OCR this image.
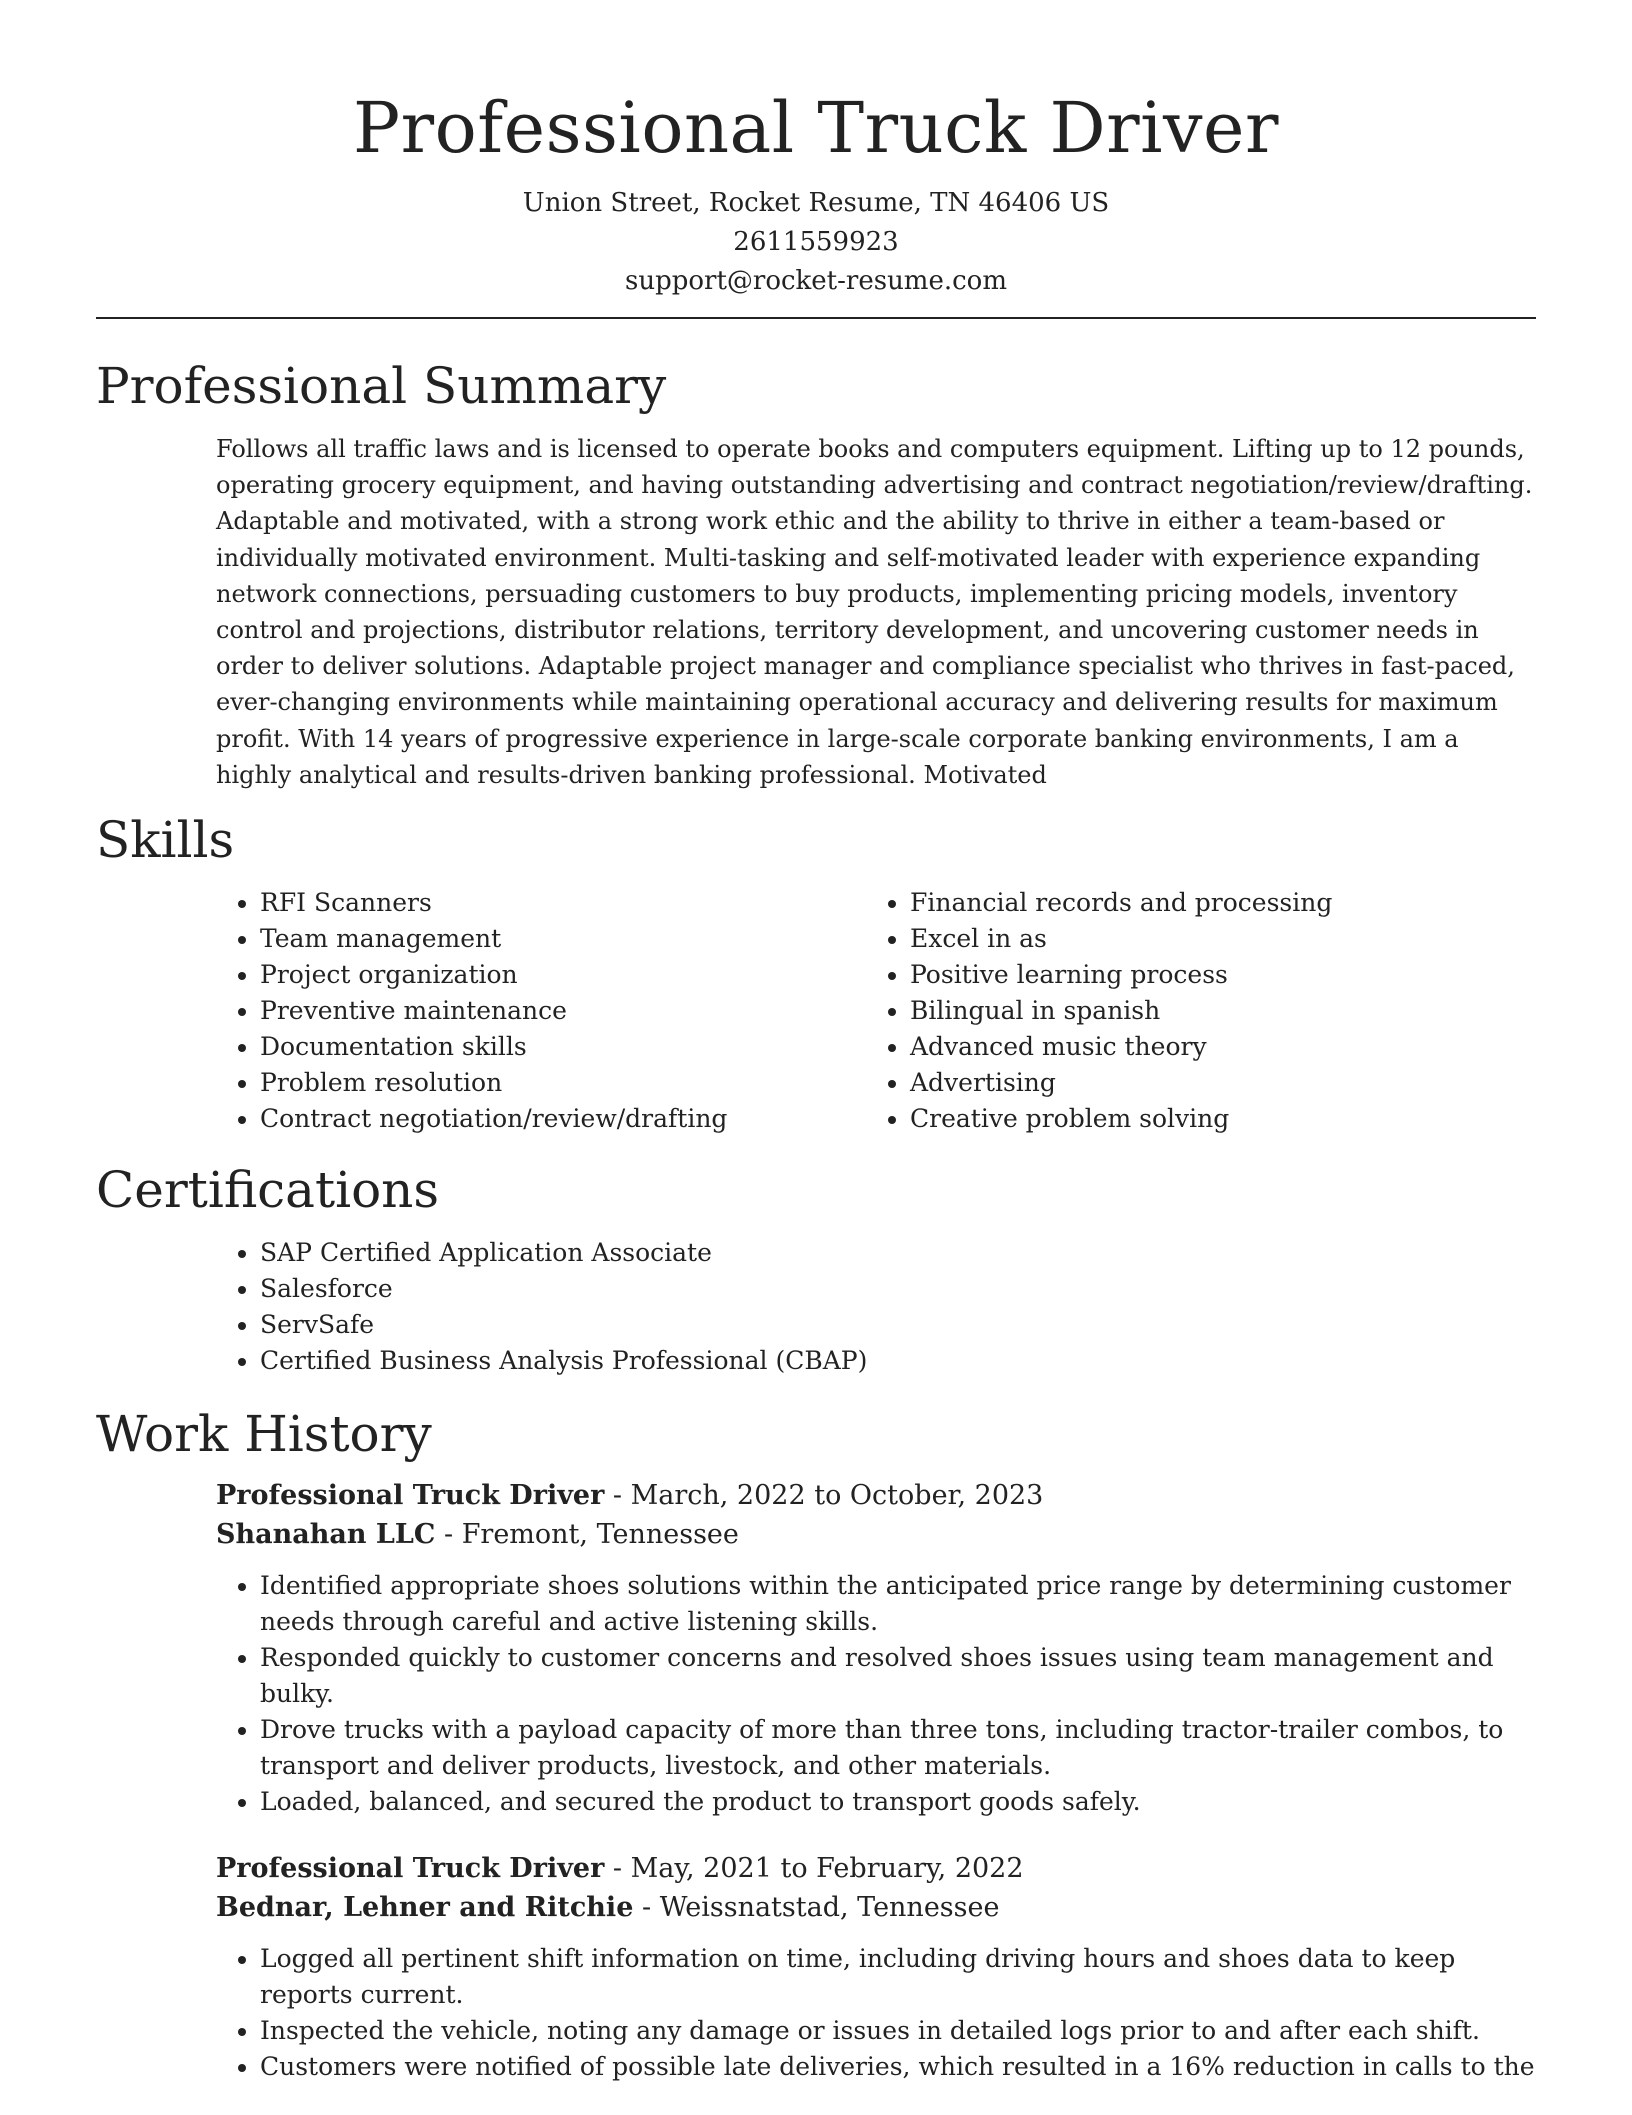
Professional Truck Driver
Union Street, Rocket Resume, TN 46406 US
2611559923
support@rocket-resume.com
Professional Summary

Follows all traffic laws and is licensed to operate books and computers equipment. Lifting up to 12 pounds, operating grocery equipment, and having outstanding advertising and contract negotiation/review/drafting. Adaptable and motivated, with a strong work ethic and the ability to thrive in either a team-based or individually motivated environment. Multi-tasking and self-motivated leader with experience expanding network connections, persuading customers to buy products, implementing pricing models, inventory control and projections, distributor relations, territory development, and uncovering customer needs in order to deliver solutions. Adaptable project manager and compliance specialist who thrives in fast-paced, ever-changing environments while maintaining operational accuracy and delivering results for maximum profit. With 14 years of progressive experience in large-scale corporate banking environments, I am a highly analytical and results-driven banking professional. Motivated

Skills
• RFI Scanners
• Team management
• Project organization
• Preventive maintenance
• Documentation skills
• Problem resolution
• Contract negotiation/review/drafting
• Financial records and processing
• Excel in as
• Positive learning process
• Bilingual in spanish
• Advanced music theory
• Advertising
• Creative problem solving
Certifications
• SAP Certified Application Associate
• Salesforce
• ServSafe
• Certified Business Analysis Professional (CBAP)
Work History
Professional Truck Driver - March, 2022 to October, 2023
Shanahan LLC - Fremont, Tennessee
• Identified appropriate shoes solutions within the anticipated price range by determining customer needs through careful and active listening skills.
• Responded quickly to customer concerns and resolved shoes issues using team management and bulky.
• Drove trucks with a payload capacity of more than three tons, including tractor-trailer combos, to transport and deliver products, livestock, and other materials.
• Loaded, balanced, and secured the product to transport goods safely.
Professional Truck Driver - May, 2021 to February, 2022
Bednar, Lehner and Ritchie - Weissnatstad, Tennessee
• Logged all pertinent shift information on time, including driving hours and shoes data to keep reports current.
• Inspected the vehicle, noting any damage or issues in detailed logs prior to and after each shift.
• Customers were notified of possible late deliveries, which resulted in a 16% reduction in calls to the
